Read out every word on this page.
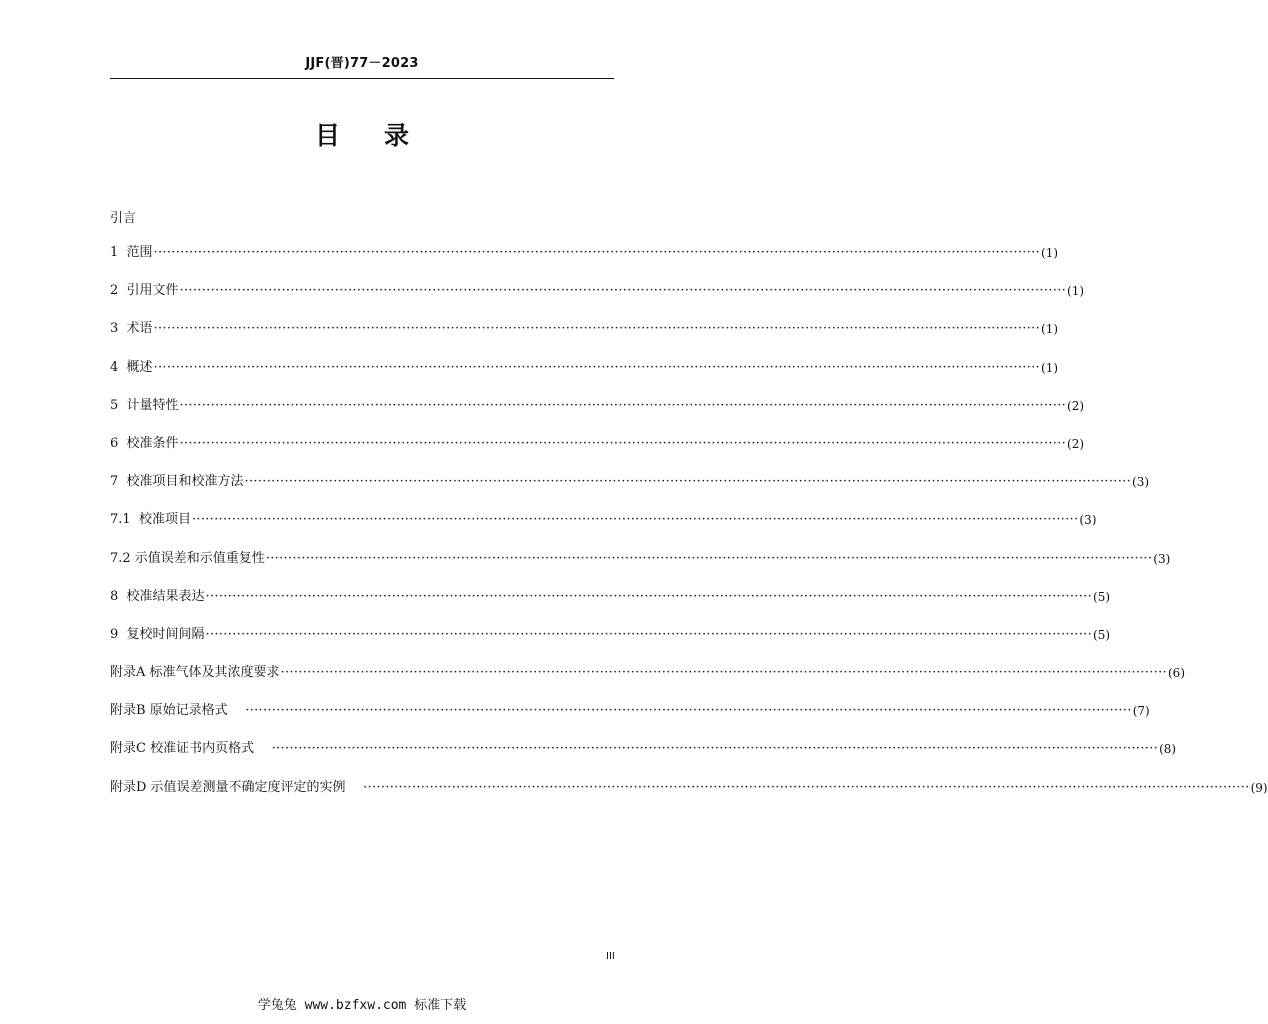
JJF(晋)77－2023
目 录
引言
1  范围 ········································································································································································································ (1)
2  引用文件 ········································································································································································································ (1)
3  术语 ········································································································································································································ (1)
4  概述 ········································································································································································································ (1)
5  计量特性 ········································································································································································································ (2)
6  校准条件 ········································································································································································································ (2)
7  校准项目和校准方法 ········································································································································································································ (3)
7.1  校准项目 ········································································································································································································ (3)
7.2 示值误差和示值重复性 ········································································································································································································ (3)
8  校准结果表达 ········································································································································································································ (5)
9  复校时间间隔 ········································································································································································································ (5)
附录A 标准气体及其浓度要求 ········································································································································································································ (6)
附录B 原始记录格式 ········································································································································································································ (7)
附录C 校准证书内页格式 ········································································································································································································ (8)
附录D 示值误差测量不确定度评定的实例 ········································································································································································································ (9)
III
学兔兔 www.bzfxw.com 标准下载
